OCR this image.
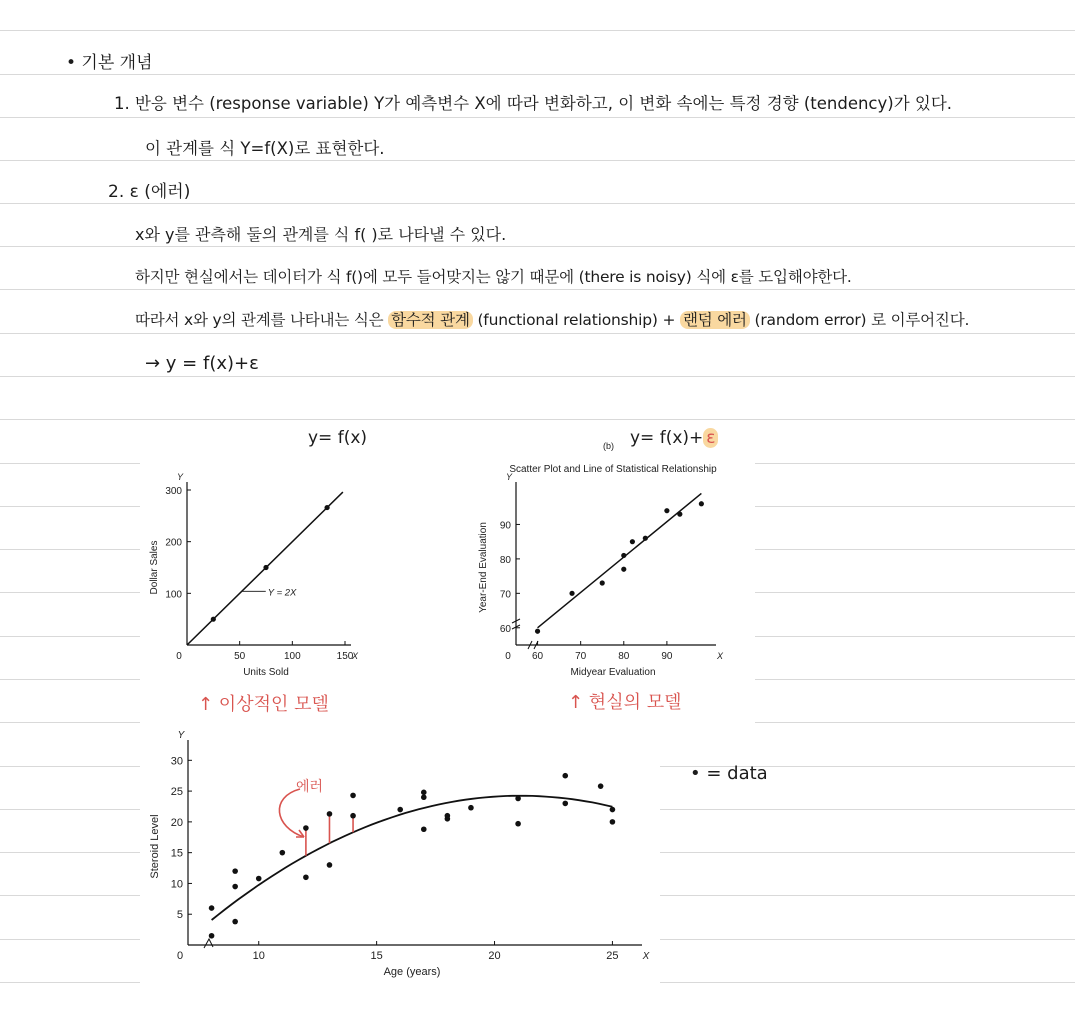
• 기본 개념
1. 반응 변수 (response variable) Y가 예측변수 X에 따라 변화하고, 이 변화 속에는 특정 경향 (tendency)가 있다.
이 관계를 식 Y=f(X)로 표현한다.
2. ε (에러)
x와 y를 관측해 둘의 관계를 식 f( )로 나타낼 수 있다.
하지만 현실에서는 데이터가 식 f()에 모두 들어맞지는 않기 때문에 (there is noisy) 식에 ε를 도입해야한다.
따라서 x와 y의 관계를 나타내는 식은 함수적 관계 (functional relationship) + 랜덤 에러 (random error) 로 이루어진다.
→ y = f(x)+ε
y= f(x)	y= f(x)+ ε
↑ 이상적인 모델	↑ 현실의 모델
• = data
에러
50	100	150
100
200
300
Y
X
0
Units Sold
Dollar Sales	Y = 2X
Scatter Plot and Line of Statistical Relationship
(b)
60	70	80	90
60
70
80
90
Y
X
0
Midyear Evaluation
Year-End Evaluation
10	15	20	25
5
10
15
20
25
30
Y
X
0
Age (years)
Steroid Level
